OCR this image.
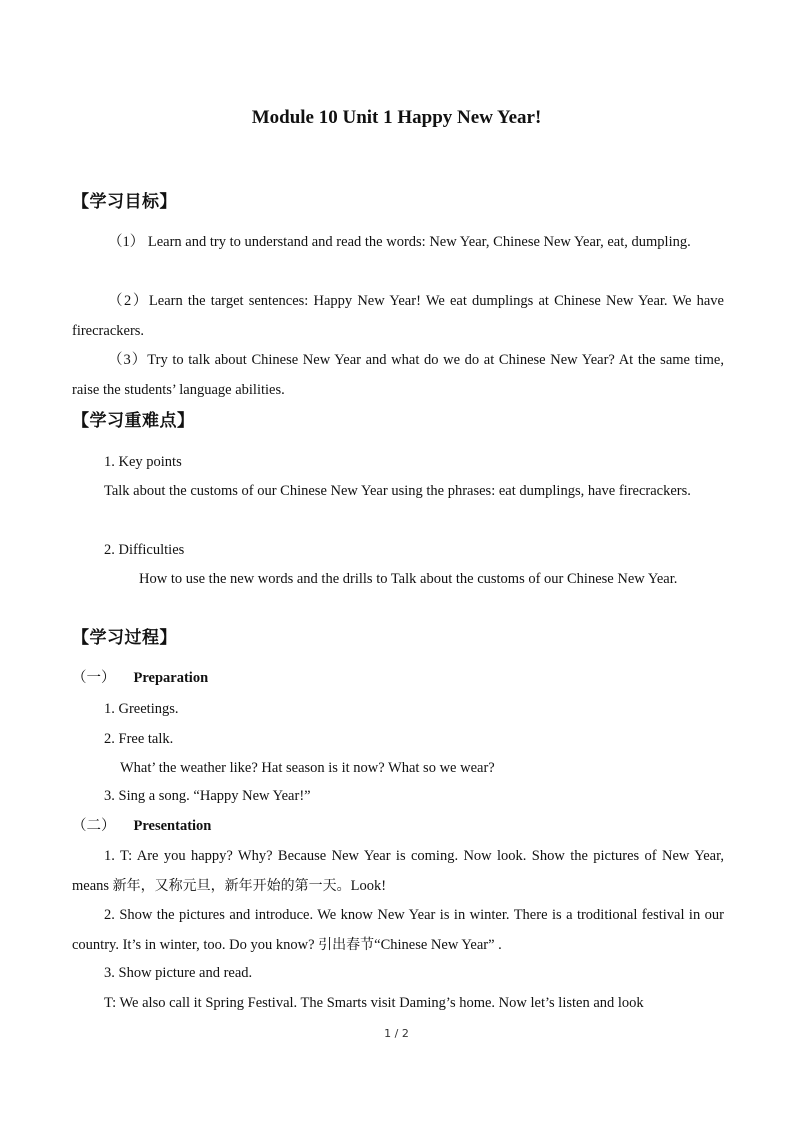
Module 10 Unit 1 Happy New Year!
【学习目标】
（1） Learn and try to understand and read the words: New Year, Chinese New Year, eat, dumpling.
（2）Learn the target sentences: Happy New Year! We eat dumplings at Chinese New Year. We have firecrackers.
（3）Try to talk about Chinese New Year and what do we do at Chinese New Year? At the same time, raise the students’ language abilities.
【学习重难点】
1. Key points
Talk about the customs of our Chinese New Year using the phrases: eat dumplings, have firecrackers.
2. Difficulties
How to use the new words and the drills to Talk about the customs of our Chinese New Year.
【学习过程】
（一） Preparation
1. Greetings.
2. Free talk.
What’ the weather like? Hat season is it now? What so we wear?
3. Sing a song. “Happy New Year!”
（二） Presentation
1. T: Are you happy? Why? Because New Year is coming. Now look. Show the pictures of New Year, means 新年，又称元旦，新年开始的第一天。Look!
2. Show the pictures and introduce. We know New Year is in winter. There is a troditional festival in our country. It’s in winter, too. Do you know? 引出春节“Chinese New Year” .
3. Show picture and read.
T: We also call it Spring Festival. The Smarts visit Daming’s home. Now let’s listen and look
1 / 2
